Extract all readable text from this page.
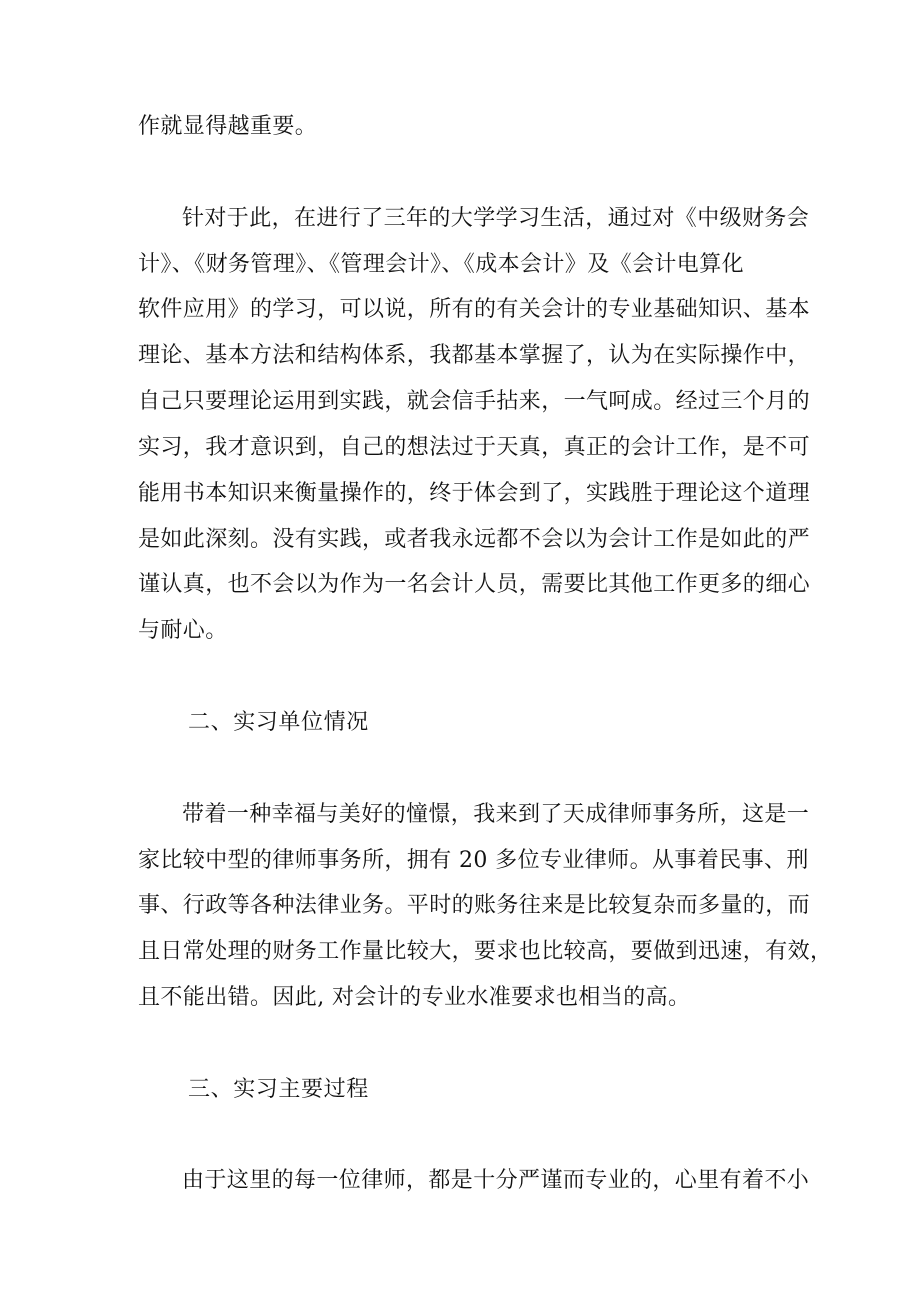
作就显得越重要。
针对于此，在进行了三年的大学学习生活，通过对《中级财务会
计》、《财务管理》、《管理会计》、《成本会计》及《会计电算化
软件应用》的学习，可以说，所有的有关会计的专业基础知识、基本
理论、基本方法和结构体系，我都基本掌握了，认为在实际操作中，
自己只要理论运用到实践，就会信手拈来，一气呵成。经过三个月的
实习，我才意识到，自己的想法过于天真，真正的会计工作，是不可
能用书本知识来衡量操作的，终于体会到了，实践胜于理论这个道理
是如此深刻。没有实践，或者我永远都不会以为会计工作是如此的严
谨认真，也不会以为作为一名会计人员，需要比其他工作更多的细心
与耐心。
二、实习单位情况
带着一种幸福与美好的憧憬，我来到了天成律师事务所，这是一
家比较中型的律师事务所，拥有 20 多位专业律师。从事着民事、刑
事、行政等各种法律业务。平时的账务往来是比较复杂而多量的，而
且日常处理的财务工作量比较大，要求也比较高，要做到迅速，有效，
且不能出错。因此, 对会计的专业水准要求也相当的高。
三、实习主要过程
由于这里的每一位律师，都是十分严谨而专业的，心里有着不小
